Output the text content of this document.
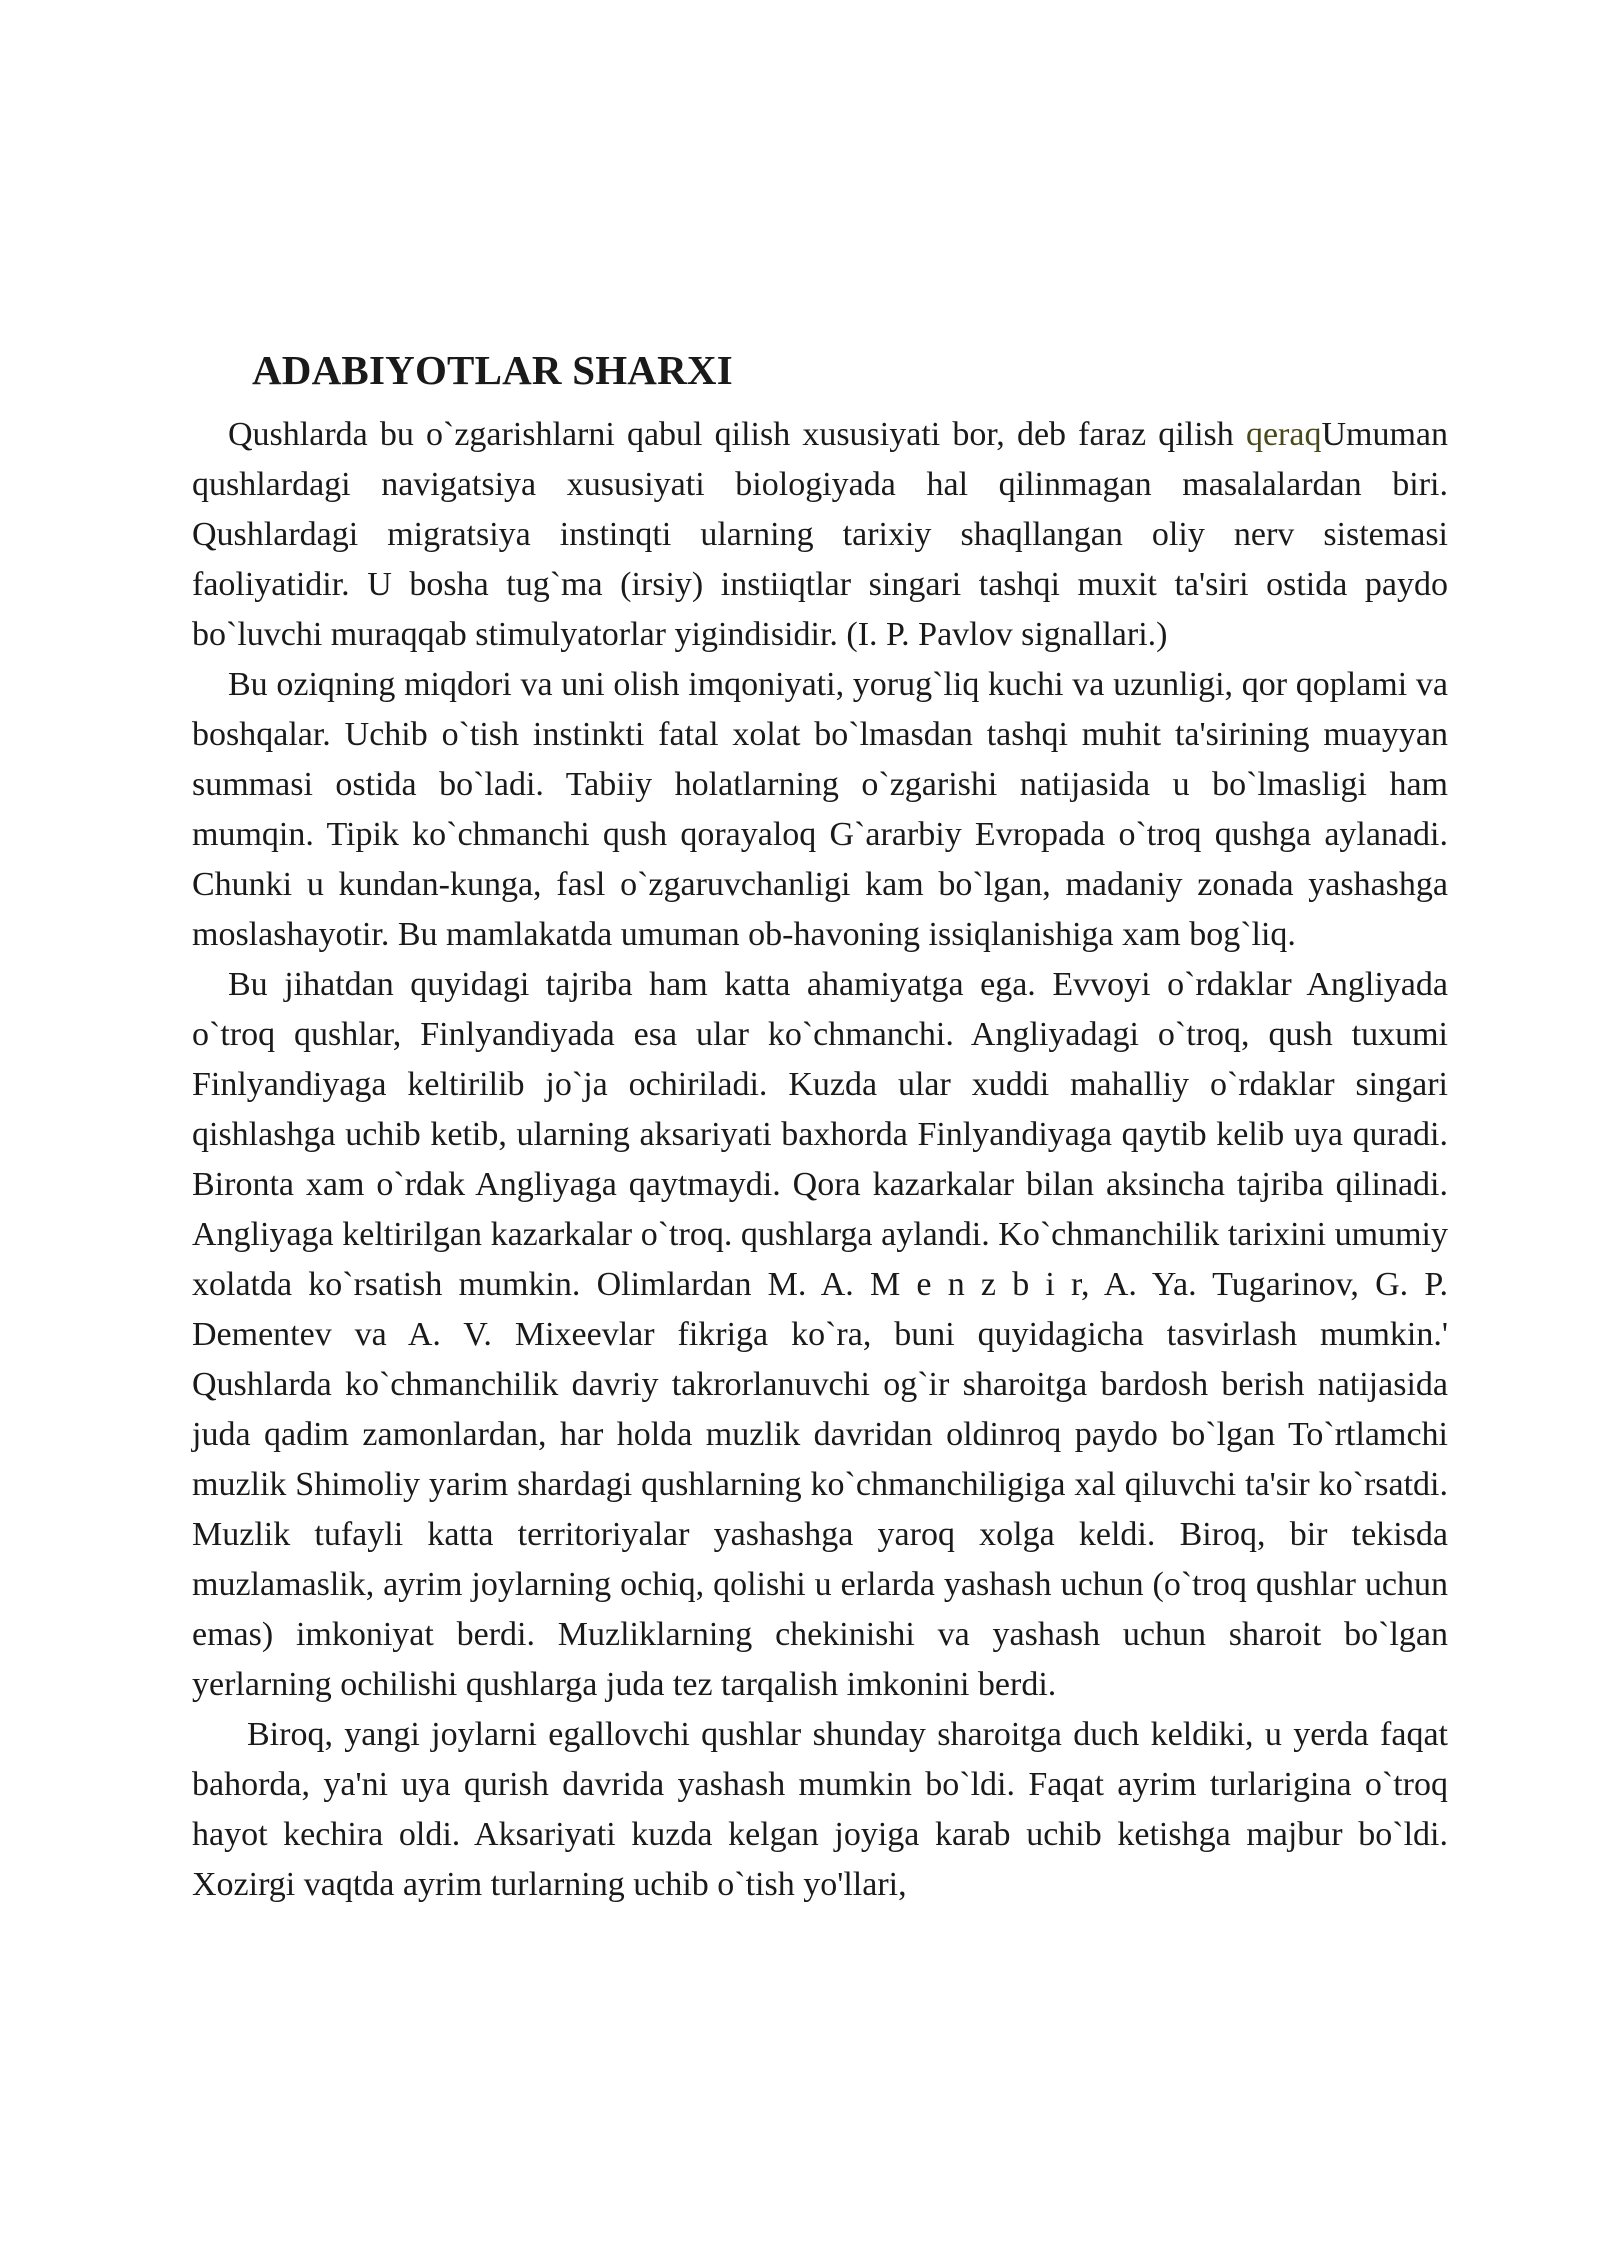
ADABIYOTLAR SHARXI

Qushlarda bu o`zgarishlarni qabul qilish xususiyati bor, deb faraz qilish qeraqUmuman qushlardagi navigatsiya xususiyati biologiyada hal qilinmagan masalalardan biri. Qushlardagi migratsiya instinqti ularning tarixiy shaqllangan oliy nerv sistemasi faoliyatidir. U bosha tug`ma (irsiy) instiiqtlar singari tashqi muxit ta'siri ostida paydo bo`luvchi muraqqab stimulyatorlar yigindisidir. (I. P. Pavlov signallari.)

Bu oziqning miqdori va uni olish imqoniyati, yorug`liq kuchi va uzunligi, qor qoplami va boshqalar. Uchib o`tish instinkti fatal xolat bo`lmasdan tashqi muhit ta'sirining muayyan summasi ostida bo`ladi. Tabiiy holatlarning o`zgarishi natijasida u bo`lmasligi ham mumqin. Tipik ko`chmanchi qush qorayaloq G`ararbiy Evropada o`troq qushga aylanadi. Chunki u kundan-kunga, fasl o`zgaruvchanligi kam bo`lgan, madaniy zonada yashashga moslashayotir. Bu mamlakatda umuman ob-havoning issiqlanishiga xam bog`liq.

Bu jihatdan quyidagi tajriba ham katta ahamiyatga ega. Evvoyi o`rdaklar Angliyada o`troq qushlar, Finlyandiyada esa ular ko`chmanchi. Angliyadagi o`troq, qush tuxumi Finlyandiyaga keltirilib jo`ja ochiriladi. Kuzda ular xuddi mahalliy o`rdaklar singari qishlashga uchib ketib, ularning aksariyati baxhorda Finlyandiyaga qaytib kelib uya quradi. Bironta xam o`rdak Angliyaga qaytmaydi. Qora kazarkalar bilan aksincha tajriba qilinadi. Angliyaga keltirilgan kazarkalar o`troq. qushlarga aylandi. Ko`chmanchilik tarixini umumiy xolatda ko`rsatish mumkin. Olimlardan M. A. M e n z b i r, A. Ya. Tugarinov, G. P. Dementev va A. V. Mixeevlar fikriga ko`ra, buni quyidagicha tasvirlash mumkin.' Qushlarda ko`chmanchilik davriy takrorlanuvchi og`ir sharoitga bardosh berish natijasida juda qadim zamonlardan, har holda muzlik davridan oldinroq paydo bo`lgan To`rtlamchi muzlik Shimoliy yarim shardagi qushlarning ko`chmanchiligiga xal qiluvchi ta'sir ko`rsatdi. Muzlik tufayli katta territoriyalar yashashga yaroq xolga keldi. Biroq, bir tekisda muzlamaslik, ayrim joylarning ochiq, qolishi u erlarda yashash uchun (o`troq qushlar uchun emas) imkoniyat berdi. Muzliklarning chekinishi va yashash uchun sharoit bo`lgan yerlarning ochilishi qushlarga juda tez tarqalish imkonini berdi.

Biroq, yangi joylarni egallovchi qushlar shunday sharoitga duch keldiki, u yerda faqat bahorda, ya'ni uya qurish davrida yashash mumkin bo`ldi. Faqat ayrim turlarigina o`troq hayot kechira oldi. Aksariyati kuzda kelgan joyiga karab uchib ketishga majbur bo`ldi. Xozirgi vaqtda ayrim turlarning uchib o`tish yo'llari,
